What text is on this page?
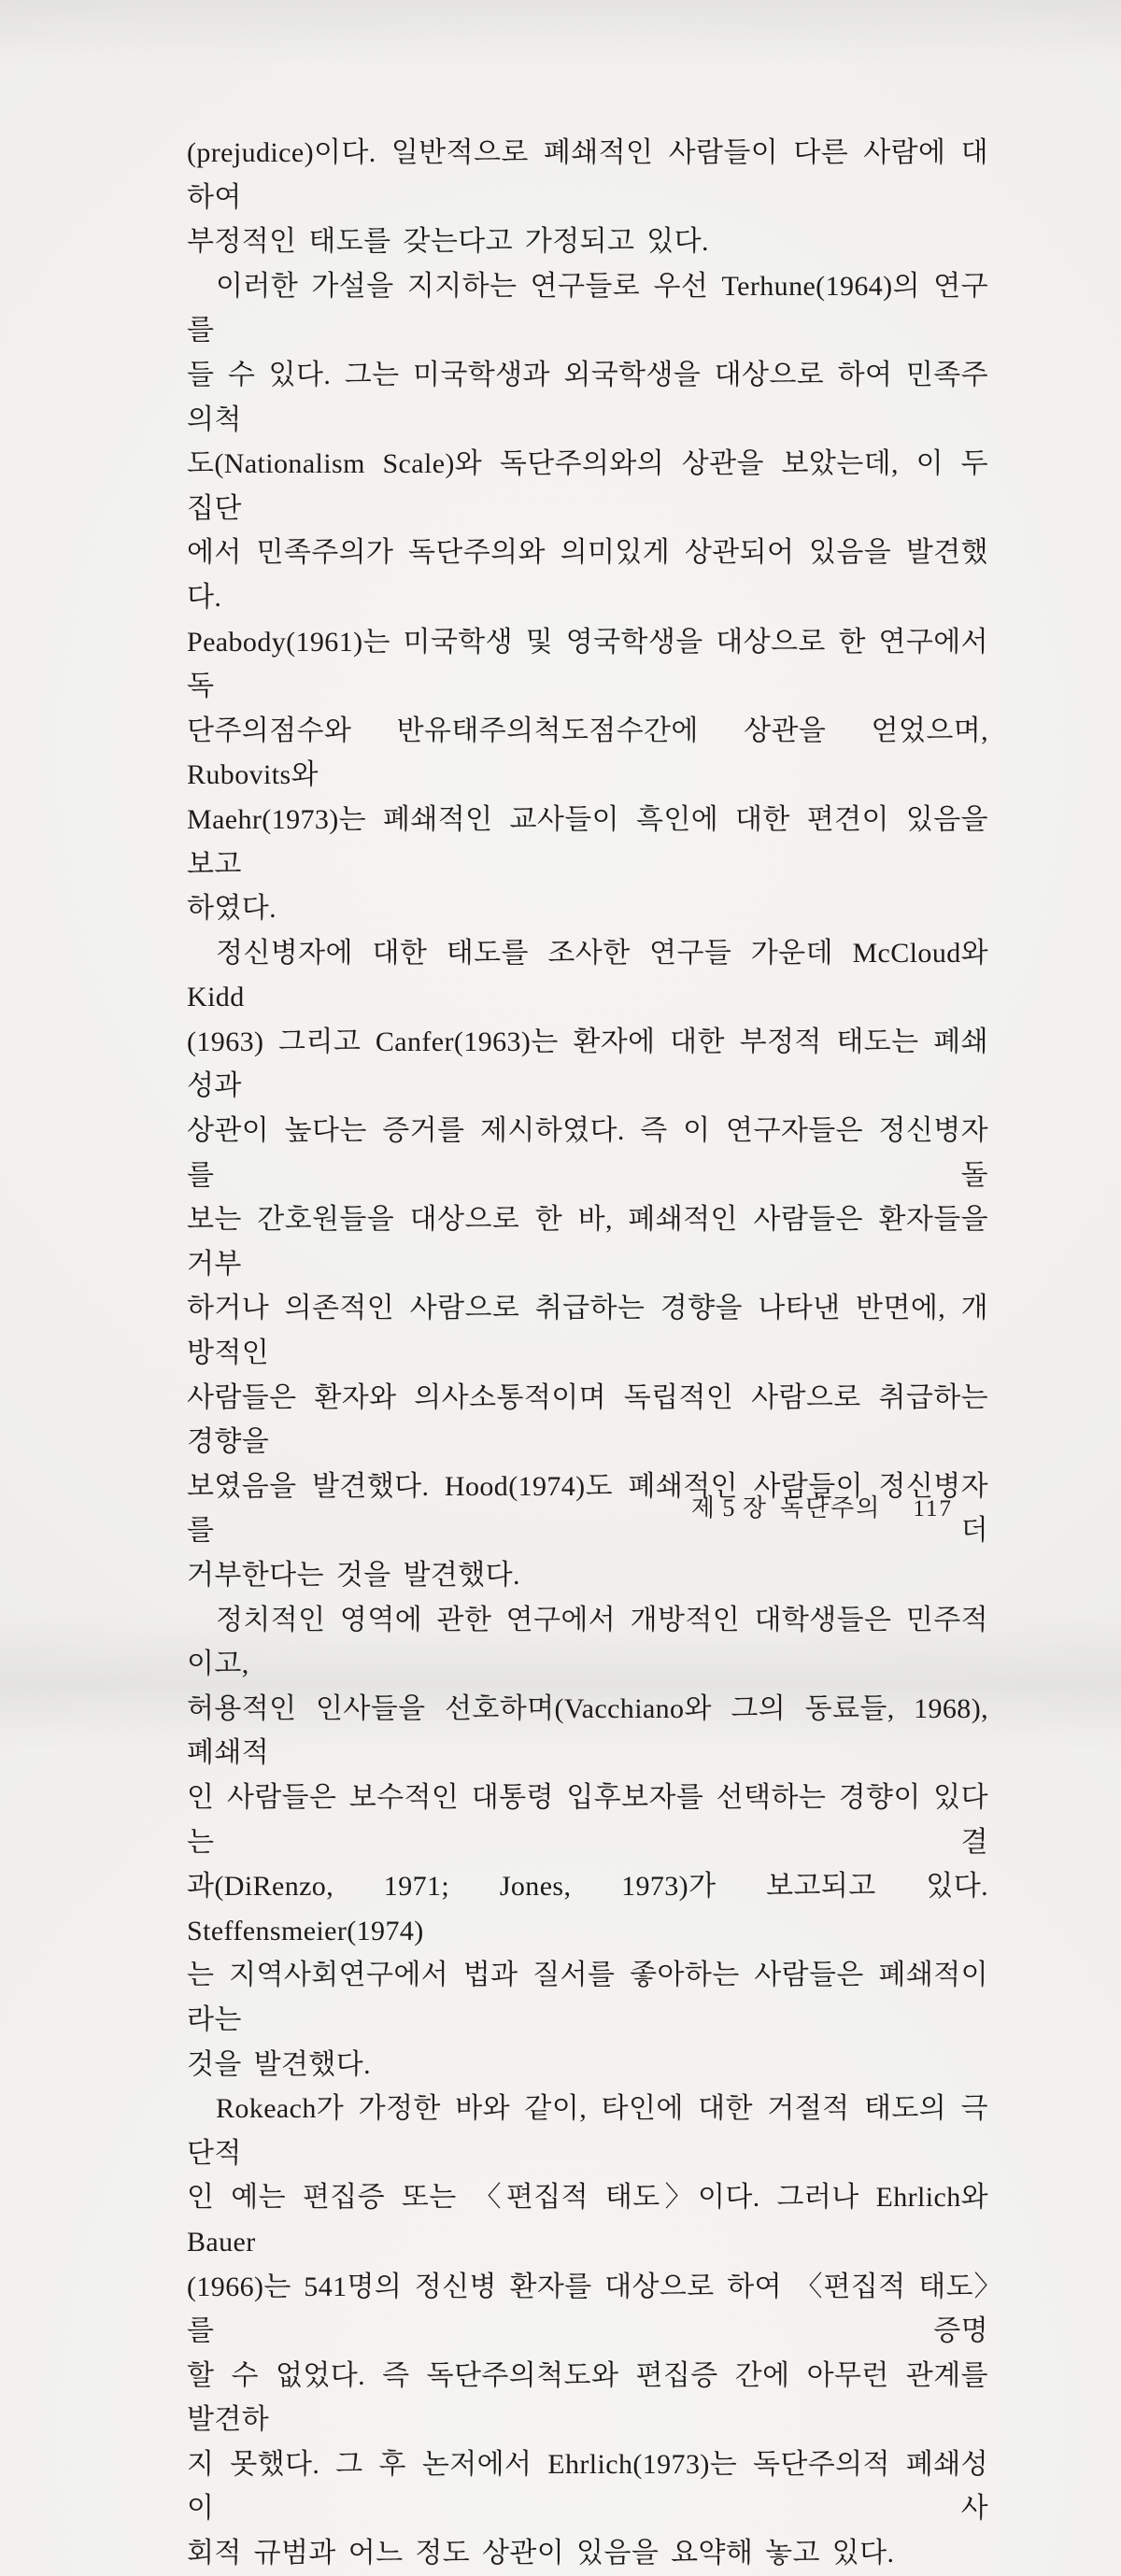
(prejudice)이다. 일반적으로 폐쇄적인 사람들이 다른 사람에 대하여
부정적인 태도를 갖는다고 가정되고 있다.
이러한 가설을 지지하는 연구들로 우선 Terhune(1964)의 연구를
들 수 있다. 그는 미국학생과 외국학생을 대상으로 하여 민족주의척
도(Nationalism Scale)와 독단주의와의 상관을 보았는데, 이 두 집단
에서 민족주의가 독단주의와 의미있게 상관되어 있음을 발견했다.
Peabody(1961)는 미국학생 및 영국학생을 대상으로 한 연구에서 독
단주의점수와 반유태주의척도점수간에 상관을 얻었으며, Rubovits와
Maehr(1973)는 폐쇄적인 교사들이 흑인에 대한 편견이 있음을 보고
하였다.
정신병자에 대한 태도를 조사한 연구들 가운데 McCloud와 Kidd
(1963) 그리고 Canfer(1963)는 환자에 대한 부정적 태도는 폐쇄성과
상관이 높다는 증거를 제시하였다. 즉 이 연구자들은 정신병자를 돌
보는 간호원들을 대상으로 한 바, 폐쇄적인 사람들은 환자들을 거부
하거나 의존적인 사람으로 취급하는 경향을 나타낸 반면에, 개방적인
사람들은 환자와 의사소통적이며 독립적인 사람으로 취급하는 경향을
보였음을 발견했다. Hood(1974)도 폐쇄적인 사람들이 정신병자를 더
거부한다는 것을 발견했다.
정치적인 영역에 관한 연구에서 개방적인 대학생들은 민주적이고,
허용적인 인사들을 선호하며(Vacchiano와 그의 동료들, 1968), 폐쇄적
인 사람들은 보수적인 대통령 입후보자를 선택하는 경향이 있다는 결
과(DiRenzo, 1971; Jones, 1973)가 보고되고 있다. Steffensmeier(1974)
는 지역사회연구에서 법과 질서를 좋아하는 사람들은 폐쇄적이라는
것을 발견했다.
Rokeach가 가정한 바와 같이, 타인에 대한 거절적 태도의 극단적
인 예는 편집증 또는 〈편집적 태도〉이다. 그러나 Ehrlich와 Bauer
(1966)는 541명의 정신병 환자를 대상으로 하여 〈편집적 태도〉를 증명
할 수 없었다. 즉 독단주의척도와 편집증 간에 아무런 관계를 발견하
지 못했다. 그 후 논저에서 Ehrlich(1973)는 독단주의적 폐쇄성이 사
회적 규범과 어느 정도 상관이 있음을 요약해 놓고 있다.
제 5 장 독단주의 117
